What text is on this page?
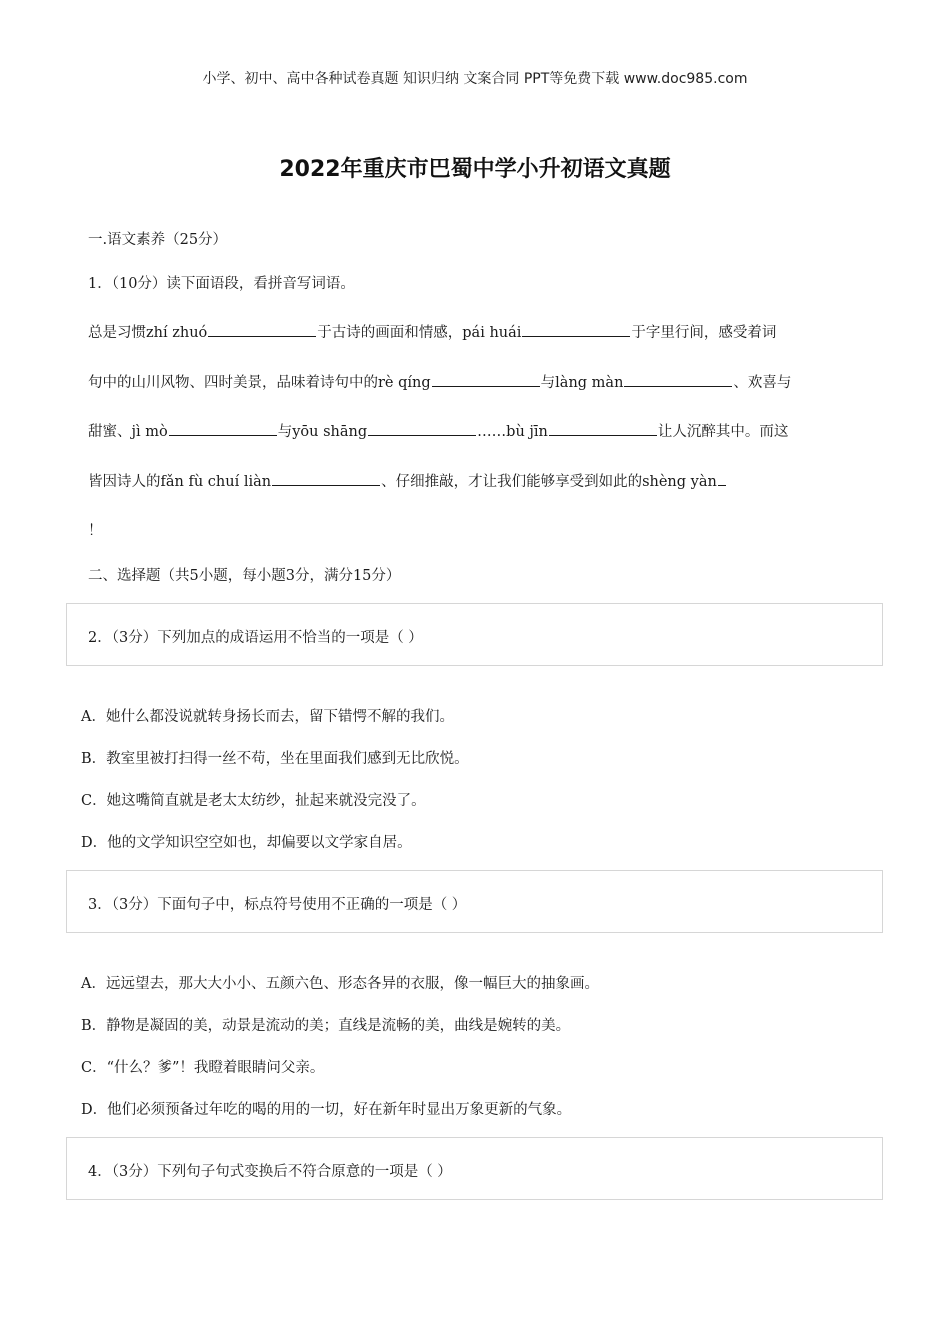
小学、初中、高中各种试卷真题 知识归纳 文案合同 PPT等免费下载 www.doc985.com
2022年重庆市巴蜀中学小升初语文真题
一.语文素养（25分）
1．（10分）读下面语段，看拼音写词语。
总是习惯zhí zhuó	于古诗的画面和情感，pái huái	于字里行间，感受着词
句中的山川风物、四时美景，品味着诗句中的rè qíng	与làng màn	、欢喜与
甜蜜、jì mò	与yōu shāng	……bù jīn	让人沉醉其中。而这
皆因诗人的fǎn fù chuí liàn	、仔细推敲，才让我们能够享受到如此的shèng yàn
！
二、选择题（共5小题，每小题3分，满分15分）
2．（3分）下列加点的成语运用不恰当的一项是（ ）
A．她什么都没说就转身扬长而去，留下错愕不解的我们。
B．教室里被打扫得一丝不苟，坐在里面我们感到无比欣悦。
C．她这嘴简直就是老太太纺纱，扯起来就没完没了。
D．他的文学知识空空如也，却偏要以文学家自居。
3．（3分）下面句子中，标点符号使用不正确的一项是（ ）
A．远远望去，那大大小小、五颜六色、形态各异的衣服，像一幅巨大的抽象画。
B．静物是凝固的美，动景是流动的美；直线是流畅的美，曲线是婉转的美。
C．“什么？爹”！我瞪着眼睛问父亲。
D．他们必须预备过年吃的喝的用的一切，好在新年时显出万象更新的气象。
4．（3分）下列句子句式变换后不符合原意的一项是（ ）
